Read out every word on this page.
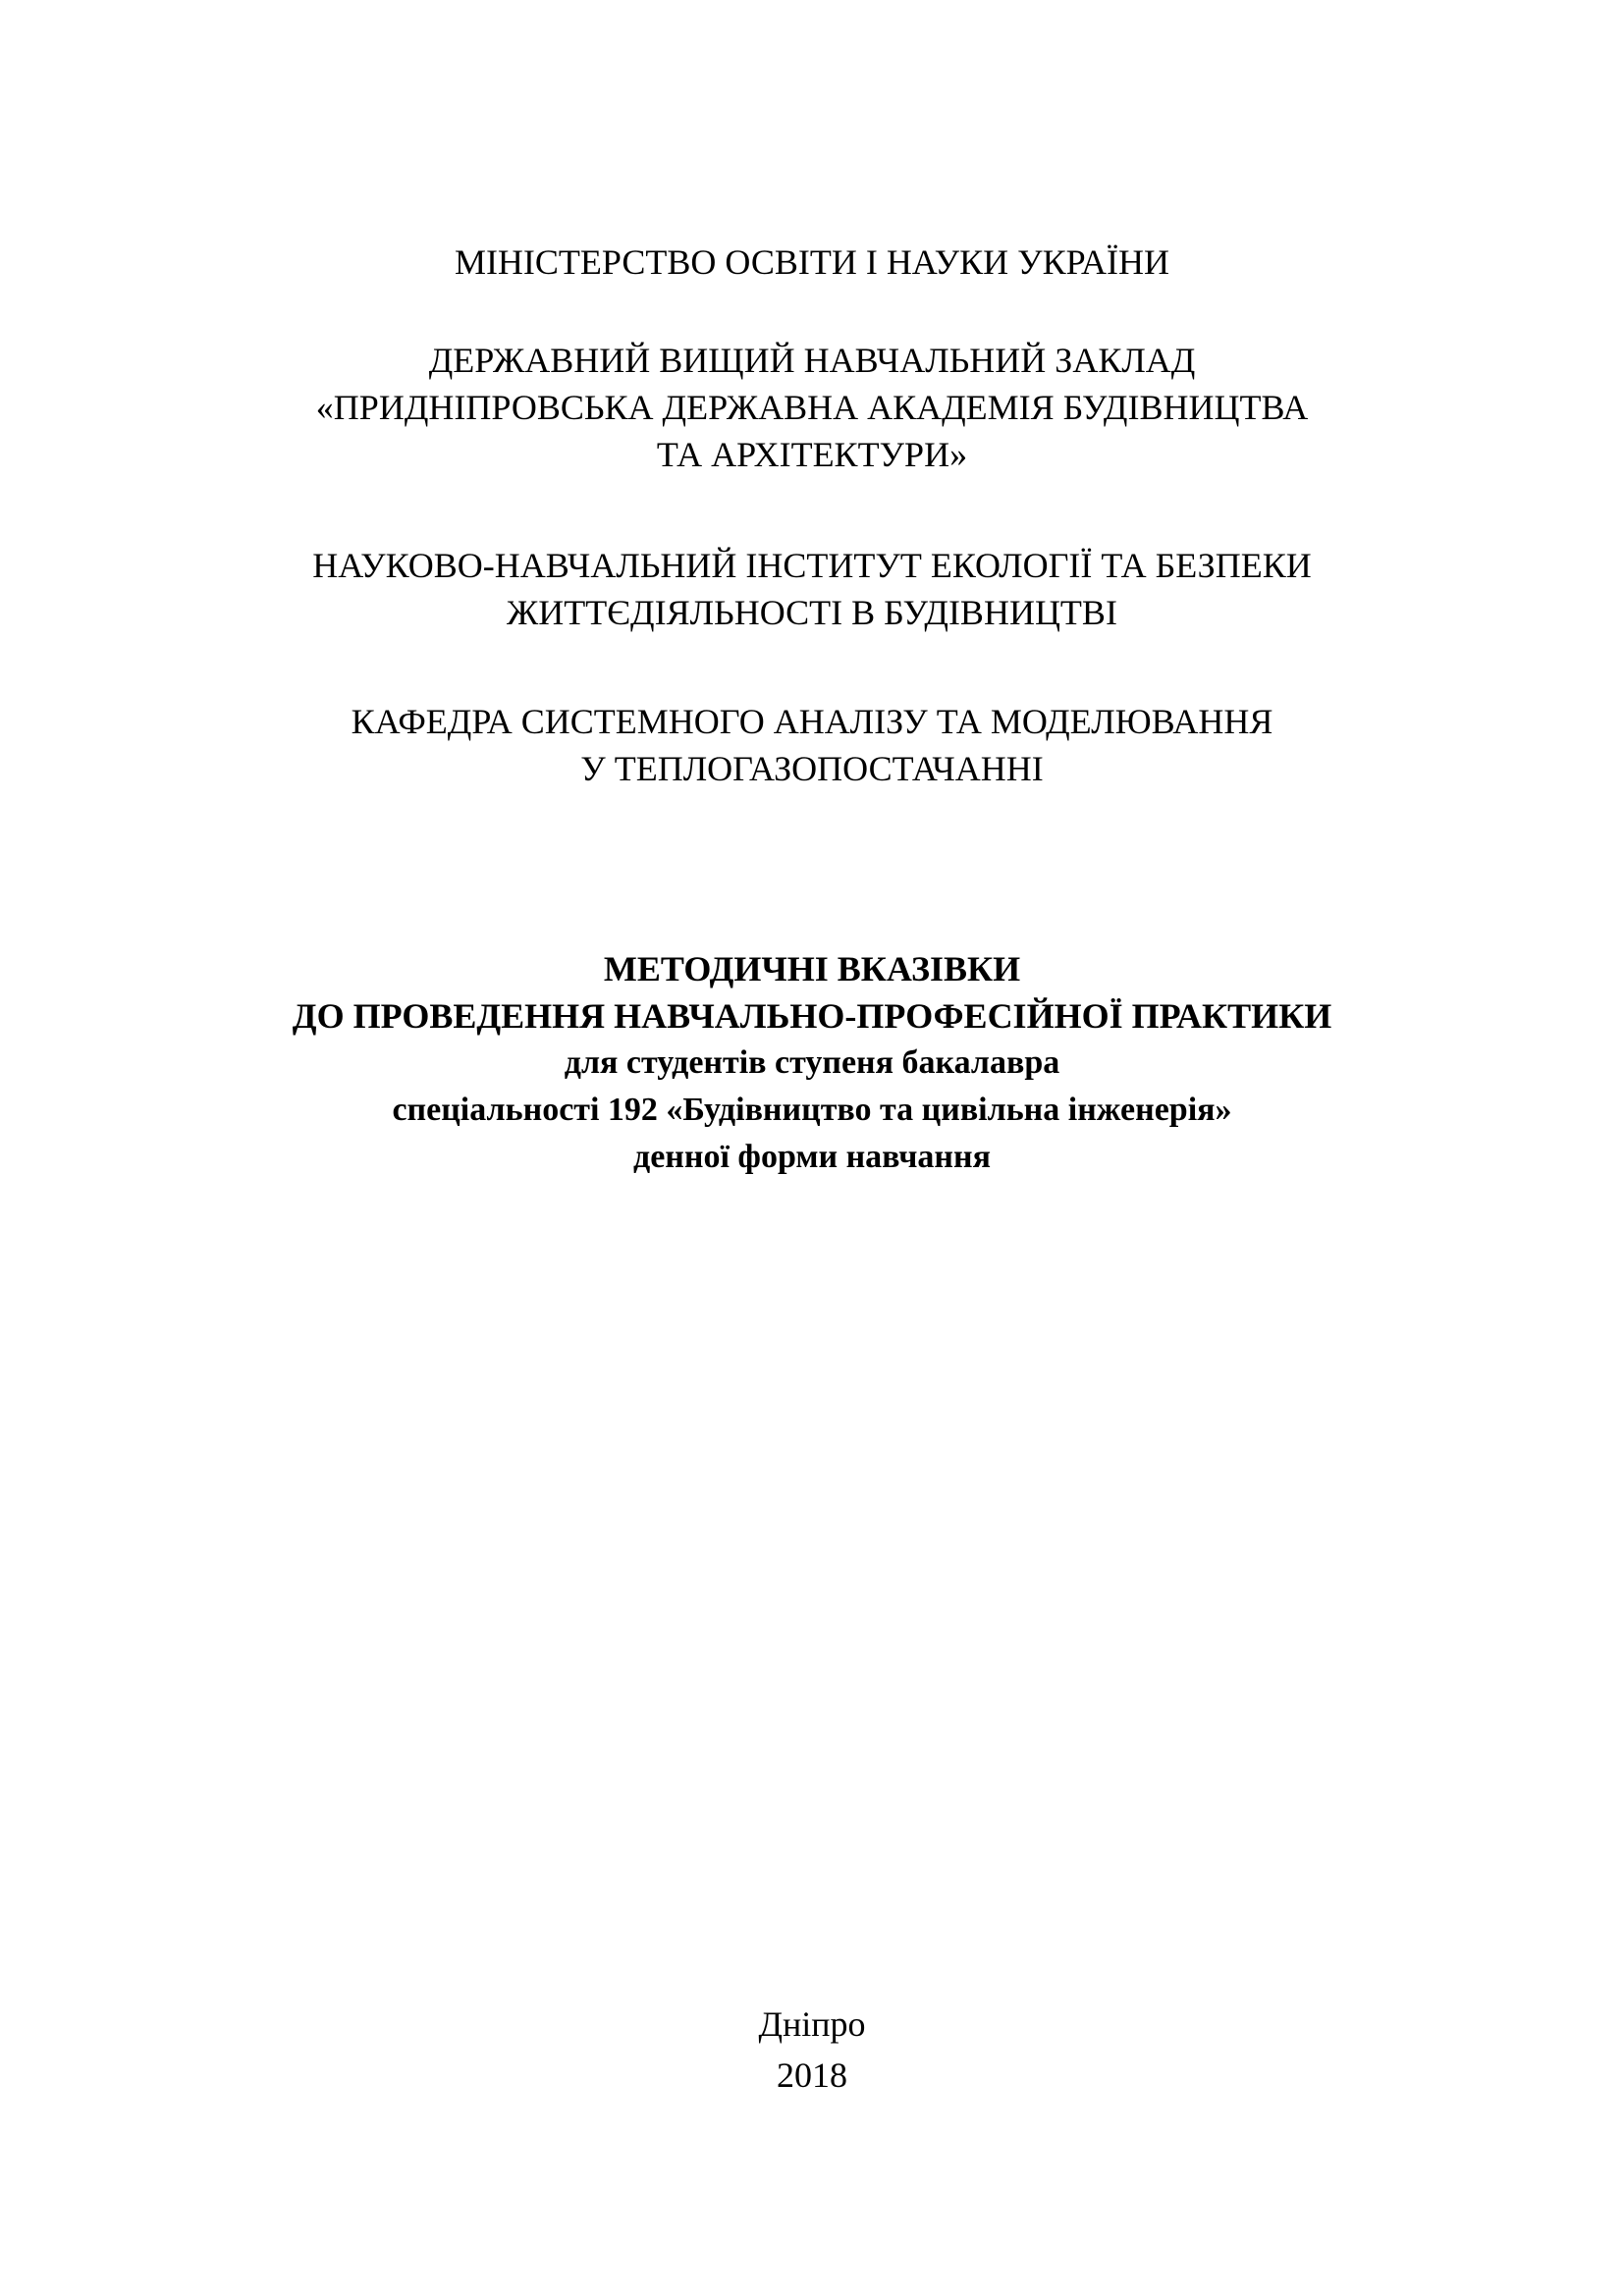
МІНІСТЕРСТВО ОСВІТИ І НАУКИ УКРАЇНИ
ДЕРЖАВНИЙ ВИЩИЙ НАВЧАЛЬНИЙ ЗАКЛАД
«ПРИДНІПРОВСЬКА ДЕРЖАВНА АКАДЕМІЯ БУДІВНИЦТВА
ТА АРХІТЕКТУРИ»
НАУКОВО-НАВЧАЛЬНИЙ ІНСТИТУТ ЕКОЛОГІЇ ТА БЕЗПЕКИ
ЖИТТЄДІЯЛЬНОСТІ В БУДІВНИЦТВІ
КАФЕДРА СИСТЕМНОГО АНАЛІЗУ ТА МОДЕЛЮВАННЯ
У ТЕПЛОГАЗОПОСТАЧАННІ
МЕТОДИЧНІ ВКАЗІВКИ
ДО ПРОВЕДЕННЯ НАВЧАЛЬНО-ПРОФЕСІЙНОЇ ПРАКТИКИ
для студентів ступеня бакалавра
спеціальності 192 «Будівництво та цивільна інженерія»
денної форми навчання
Дніпро
2018
